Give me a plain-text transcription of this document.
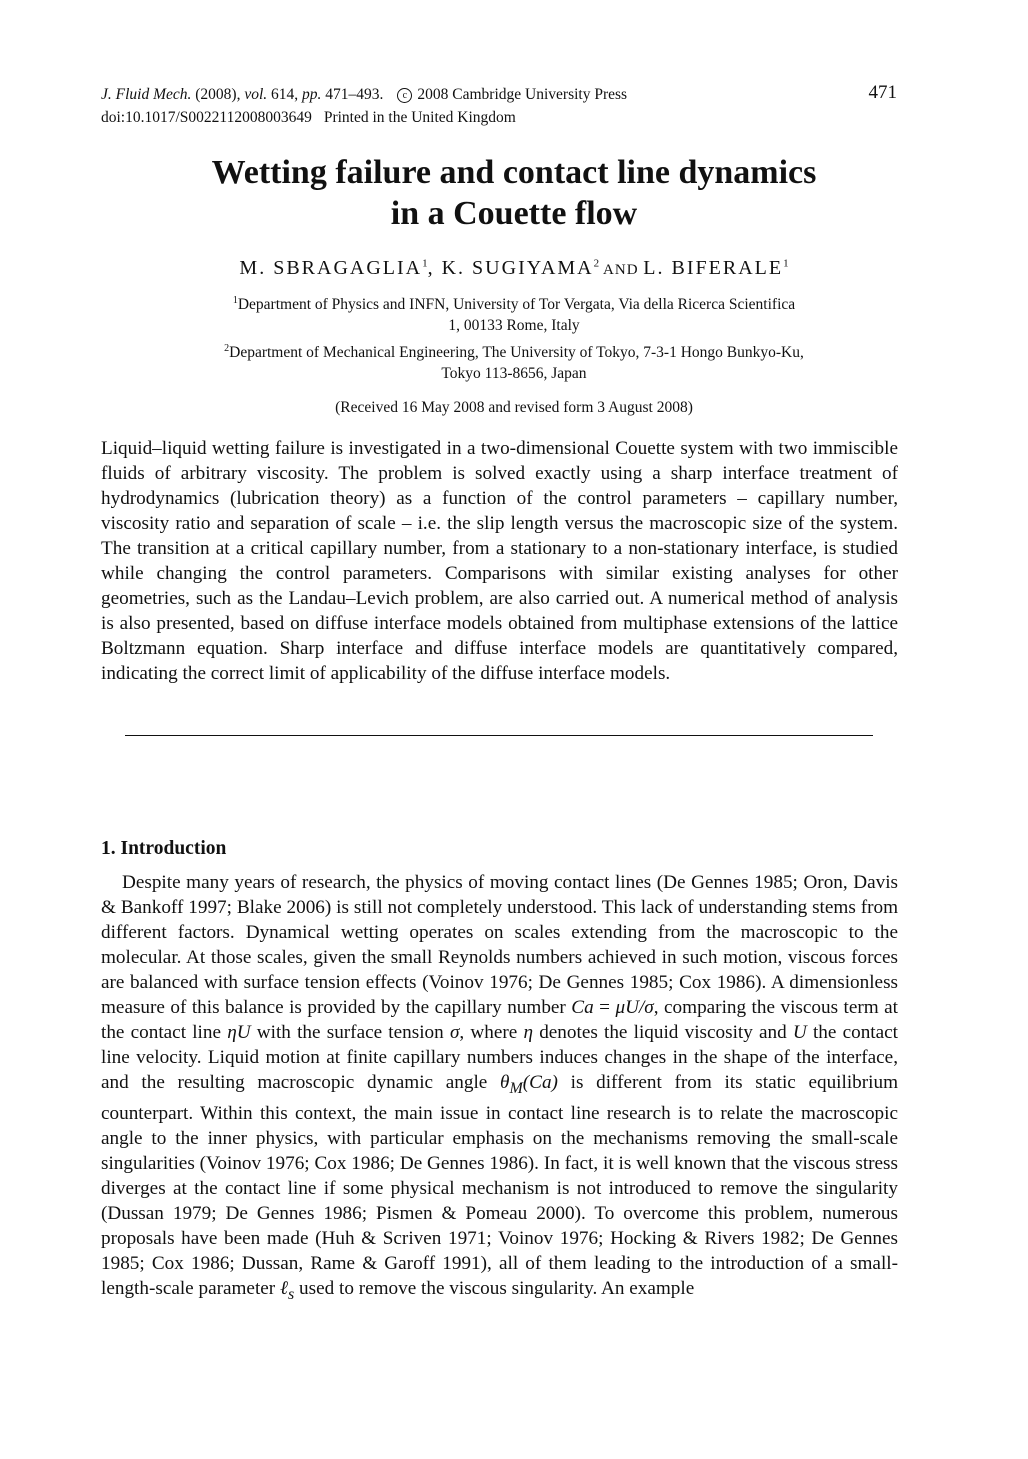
J. Fluid Mech. (2008), vol. 614, pp. 471–493. c 2008 Cambridge University Press
doi:10.1017/S0022112008003649 Printed in the United Kingdom
471
Wetting failure and contact line dynamics
in a Couette flow
M. SBRAGAGLIA$^1$, K. SUGIYAMA$^2$ AND L. BIFERALE$^1$
$^1$Department of Physics and INFN, University of Tor Vergata, Via della Ricerca Scientifica
1, 00133 Rome, Italy
$^2$Department of Mechanical Engineering, The University of Tokyo, 7-3-1 Hongo Bunkyo-Ku,
Tokyo 113-8656, Japan
(Received 16 May 2008 and revised form 3 August 2008)

Liquid–liquid wetting failure is investigated in a two-dimensional Couette system with two immiscible fluids of arbitrary viscosity. The problem is solved exactly using a sharp interface treatment of hydrodynamics (lubrication theory) as a function of the control parameters – capillary number, viscosity ratio and separation of scale – i.e. the slip length versus the macroscopic size of the system. The transition at a critical capillary number, from a stationary to a non-stationary interface, is studied while changing the control parameters. Comparisons with similar existing analyses for other geometries, such as the Landau–Levich problem, are also carried out. A numerical method of analysis is also presented, based on diffuse interface models obtained from multiphase extensions of the lattice Boltzmann equation. Sharp interface and diffuse interface models are quantitatively compared, indicating the correct limit of applicability of the diffuse interface models.

1. Introduction

Despite many years of research, the physics of moving contact lines (De Gennes 1985; Oron, Davis & Bankoff 1997; Blake 2006) is still not completely understood. This lack of understanding stems from different factors. Dynamical wetting operates on scales extending from the macroscopic to the molecular. At those scales, given the small Reynolds numbers achieved in such motion, viscous forces are balanced with surface tension effects (Voinov 1976; De Gennes 1985; Cox 1986). A dimensionless measure of this balance is provided by the capillary number Ca = μU/σ, comparing the viscous term at the contact line ηU with the surface tension σ, where η denotes the liquid viscosity and U the contact line velocity. Liquid motion at finite capillary numbers induces changes in the shape of the interface, and the resulting macroscopic dynamic angle $\theta_M(Ca)$ is different from its static equilibrium counterpart. Within this context, the main issue in contact line research is to relate the macroscopic angle to the inner physics, with particular emphasis on the mechanisms removing the small-scale singularities (Voinov 1976; Cox 1986; De Gennes 1986). In fact, it is well known that the viscous stress diverges at the contact line if some physical mechanism is not introduced to remove the singularity (Dussan 1979; De Gennes 1986; Pismen & Pomeau 2000). To overcome this problem, numerous proposals have been made (Huh & Scriven 1971; Voinov 1976; Hocking & Rivers 1982; De Gennes 1985; Cox 1986; Dussan, Rame & Garoff 1991), all of them leading to the introduction of a small-length-scale parameter ℓ$_s$ used to remove the viscous singularity. An example
